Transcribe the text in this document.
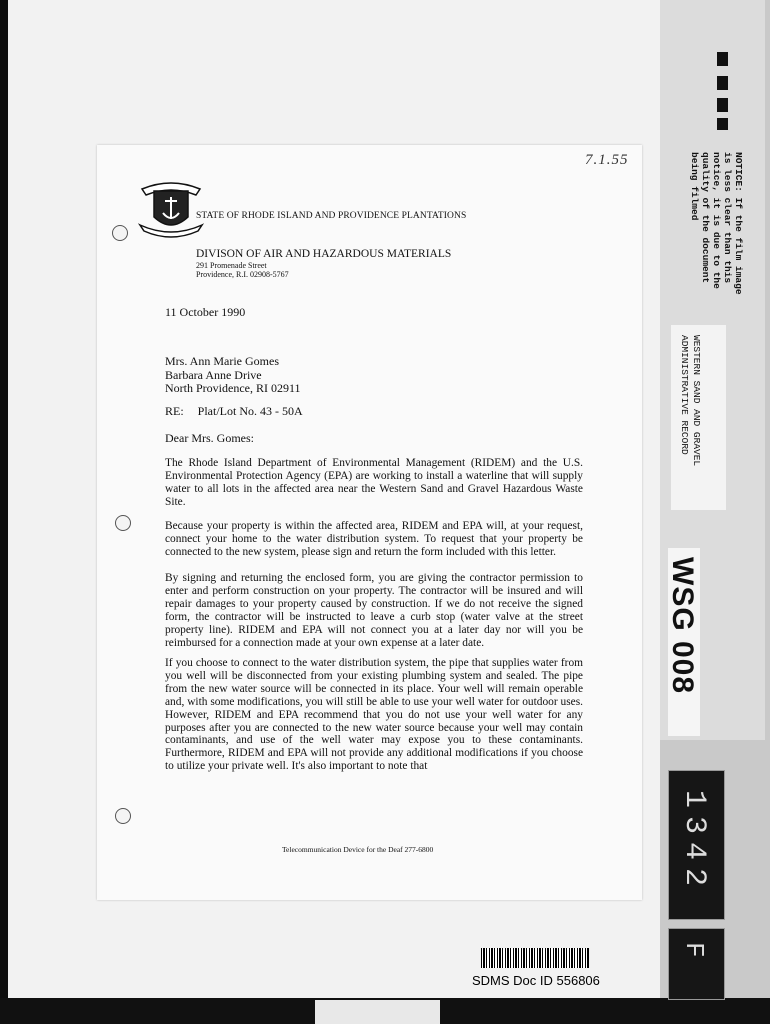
STATE OF RHODE ISLAND AND PROVIDENCE PLANTATIONS
DIVISON OF AIR AND HAZARDOUS MATERIALS
291 Promenade Street
Providence, R.I. 02908-5767
7.1.55
11 October 1990
Mrs. Ann Marie Gomes
Barbara Anne Drive
North Providence, RI 02911
RE: Plat/Lot No. 43 - 50A
Dear Mrs. Gomes:
The Rhode Island Department of Environmental Management (RIDEM) and the U.S. Environmental Protection Agency (EPA) are working to install a waterline that will supply water to all lots in the affected area near the Western Sand and Gravel Hazardous Waste Site.
Because your property is within the affected area, RIDEM and EPA will, at your request, connect your home to the water distribution system. To request that your property be connected to the new system, please sign and return the form included with this letter.
By signing and returning the enclosed form, you are giving the contractor permission to enter and perform construction on your property. The contractor will be insured and will repair damages to your property caused by construction. If we do not receive the signed form, the contractor will be instructed to leave a curb stop (water valve at the street property line). RIDEM and EPA will not connect you at a later day nor will you be reimbursed for a connection made at your own expense at a later date.
If you choose to connect to the water distribution system, the pipe that supplies water from you well will be disconnected from your existing plumbing system and sealed. The pipe from the new water source will be connected in its place. Your well will remain operable and, with some modifications, you will still be able to use your well water for outdoor uses. However, RIDEM and EPA recommend that you do not use your well water for any purposes after you are connected to the new water source because your well may contain contaminants, and use of the well water may expose you to these contaminants. Furthermore, RIDEM and EPA will not provide any additional modifications if you choose to utilize your private well. It's also important to note that
Telecommunication Device for the Deaf 277-6800
NOTICE: If the film image is less clear than this notice, it is due to the quality of the document being filmed
WESTERN SAND AND GRAVEL ADMINISTRATIVE RECORD
WSG 008
1342
F
SDMS Doc ID 556806
